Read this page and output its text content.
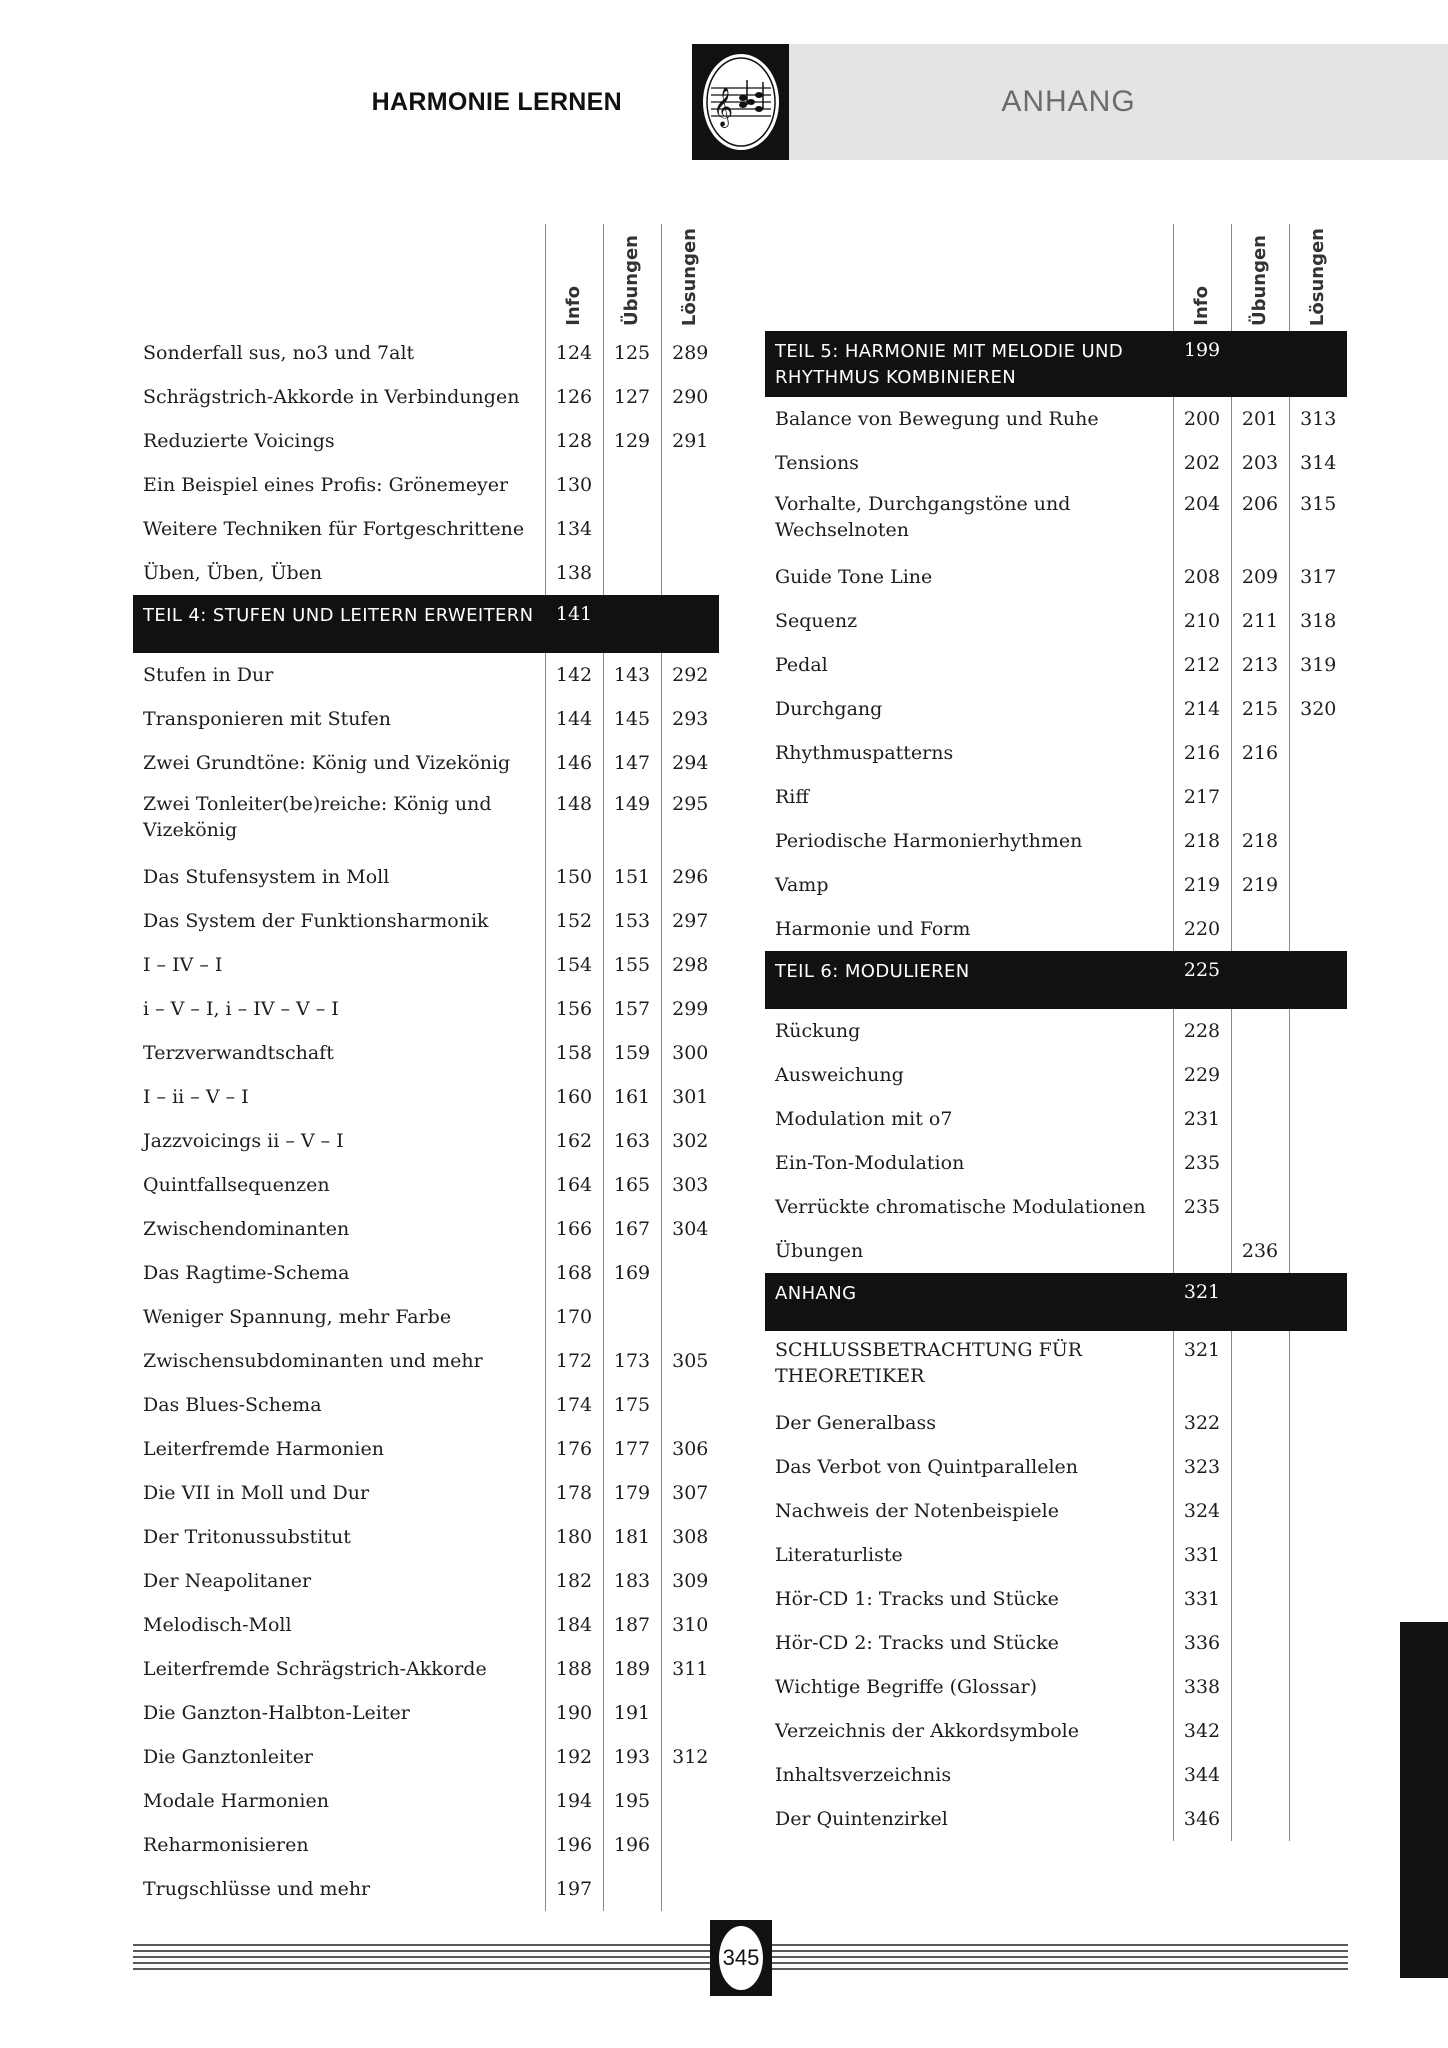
HARMONIE LERNEN	𝄞	ANHANG
	Info	Übungen	Lösungen
Sonderfall sus, no3 und 7alt	124	125	289
Schrägstrich-Akkorde in Verbindungen	126	127	290
Reduzierte Voicings	128	129	291
Ein Beispiel eines Profis: Grönemeyer	130		
Weitere Techniken für Fortgeschrittene	134		
Üben, Üben, Üben	138		
TEIL 4: STUFEN UND LEITERN ERWEITERN	141		
Stufen in Dur	142	143	292
Transponieren mit Stufen	144	145	293
Zwei Grundtöne: König und Vizekönig	146	147	294
Zwei Tonleiter(be)reiche: König und Vizekönig	148	149	295
Das Stufensystem in Moll	150	151	296
Das System der Funktionsharmonik	152	153	297
I – IV – I	154	155	298
i – V – I, i – IV – V – I	156	157	299
Terzverwandtschaft	158	159	300
I – ii – V – I	160	161	301
Jazzvoicings ii – V – I	162	163	302
Quintfallsequenzen	164	165	303
Zwischendominanten	166	167	304
Das Ragtime-Schema	168	169	
Weniger Spannung, mehr Farbe	170		
Zwischensubdominanten und mehr	172	173	305
Das Blues-Schema	174	175	
Leiterfremde Harmonien	176	177	306
Die VII in Moll und Dur	178	179	307
Der Tritonussubstitut	180	181	308
Der Neapolitaner	182	183	309
Melodisch-Moll	184	187	310
Leiterfremde Schrägstrich-Akkorde	188	189	311
Die Ganzton-Halbton-Leiter	190	191	
Die Ganztonleiter	192	193	312
Modale Harmonien	194	195	
Reharmonisieren	196	196	
Trugschlüsse und mehr	197		
	Info	Übungen	Lösungen
TEIL 5: HARMONIE MIT MELODIE UND RHYTHMUS KOMBINIEREN	199		
Balance von Bewegung und Ruhe	200	201	313
Tensions	202	203	314
Vorhalte, Durchgangstöne und Wechselnoten	204	206	315
Guide Tone Line	208	209	317
Sequenz	210	211	318
Pedal	212	213	319
Durchgang	214	215	320
Rhythmuspatterns	216	216	
Riff	217		
Periodische Harmonierhythmen	218	218	
Vamp	219	219	
Harmonie und Form	220		
TEIL 6: MODULIEREN	225		
Rückung	228		
Ausweichung	229		
Modulation mit o7	231		
Ein-Ton-Modulation	235		
Verrückte chromatische Modulationen	235		
Übungen		236	
ANHANG	321		
SCHLUSSBETRACHTUNG FÜR THEORETIKER	321		
Der Generalbass	322		
Das Verbot von Quintparallelen	323		
Nachweis der Notenbeispiele	324		
Literaturliste	331		
Hör-CD 1: Tracks und Stücke	331		
Hör-CD 2: Tracks und Stücke	336		
Wichtige Begriffe (Glossar)	338		
Verzeichnis der Akkordsymbole	342		
Inhaltsverzeichnis	344		
Der Quintenzirkel	346		
345
